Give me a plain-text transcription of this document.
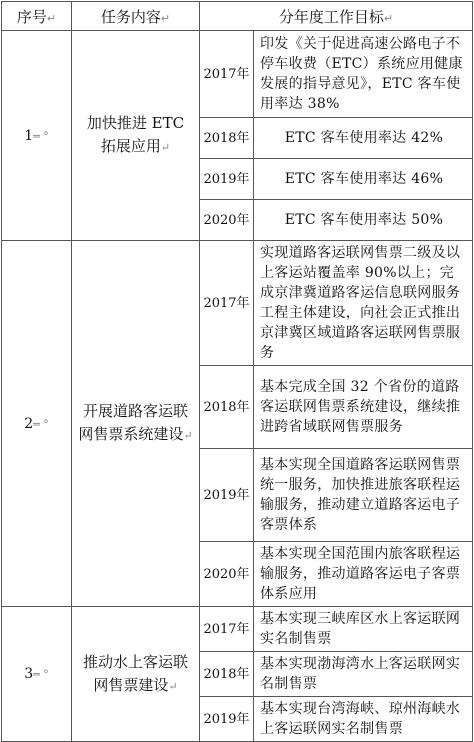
序号↵	任务内容↵	分年度工作目标↵	
1═ °	加快推进 ETC 拓展应用↵	2017年	印发《关于促进高速公路电子不停车收费（ETC）系统应用健康发展的指导意见》，ETC 客车使用率达 38%
		2018年	ETC 客车使用率达 42%
		2019年	ETC 客车使用率达 46%
		2020年	ETC 客车使用率达 50%
2═ °	开展道路客运联网售票系统建设↵	2017年	实现道路客运联网售票二级及以上客运站覆盖率 90%以上；完成京津冀道路客运信息联网服务工程主体建设，向社会正式推出京津冀区域道路客运联网售票服务
		2018年	基本完成全国 32 个省份的道路客运联网售票系统建设，继续推进跨省域联网售票服务
		2019年	基本实现全国道路客运联网售票统一服务，加快推进旅客联程运输服务，推动建立道路客运电子客票体系
		2020年	基本实现全国范围内旅客联程运输服务，推动道路客运电子客票体系应用
3═ °	推动水上客运联网售票建设↵	2017年	基本实现三峡库区水上客运联网实名制售票
		2018年	基本实现渤海湾水上客运联网实名制售票
		2019年	基本实现台湾海峡、琼州海峡水上客运联网实名制售票
